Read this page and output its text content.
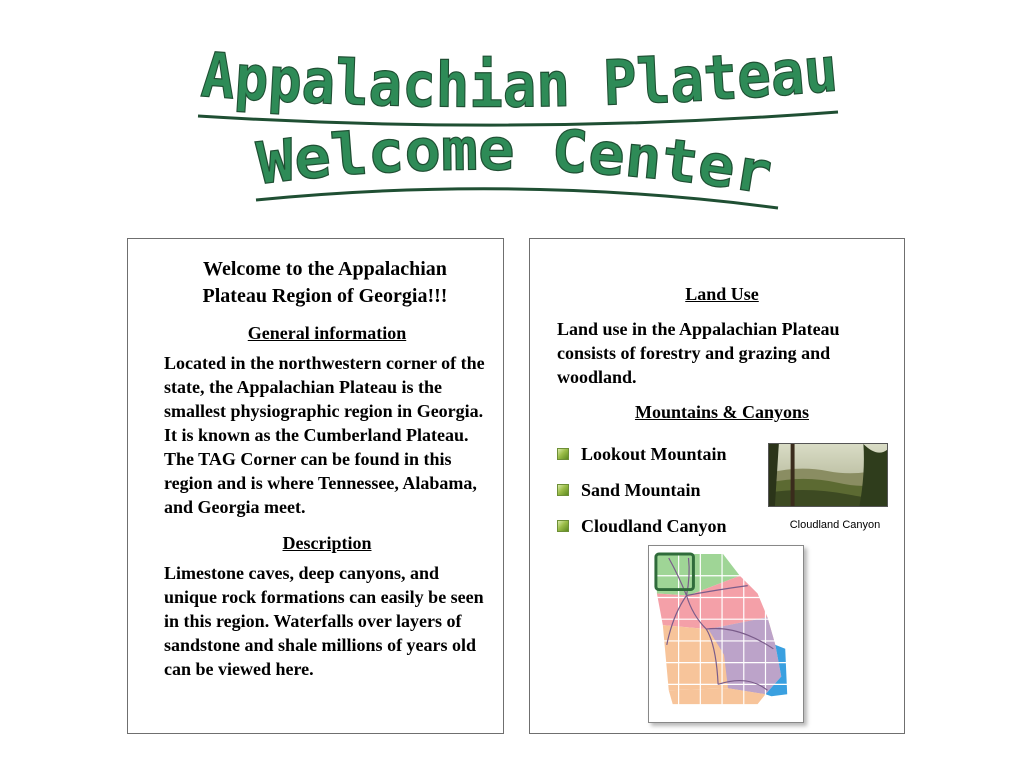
Appalachian Plateau
Welcome Center
Welcome to the Appalachian Plateau Region of Georgia!!!

General information

Located in the northwestern corner of the state, the Appalachian Plateau is the smallest physiographic region in Georgia. It is known as the Cumberland Plateau. The TAG Corner can be found in this region and is where Tennessee, Alabama, and Georgia meet.

Description

Limestone caves, deep canyons, and unique rock formations can easily be seen in this region. Waterfalls over layers of sandstone and shale millions of years old can be viewed here.

Land Use

Land use in the Appalachian Plateau consists of forestry and grazing and woodland.

Mountains & Canyons

Lookout Mountain
Sand Mountain
Cloudland Canyon	Cloudland Canyon
